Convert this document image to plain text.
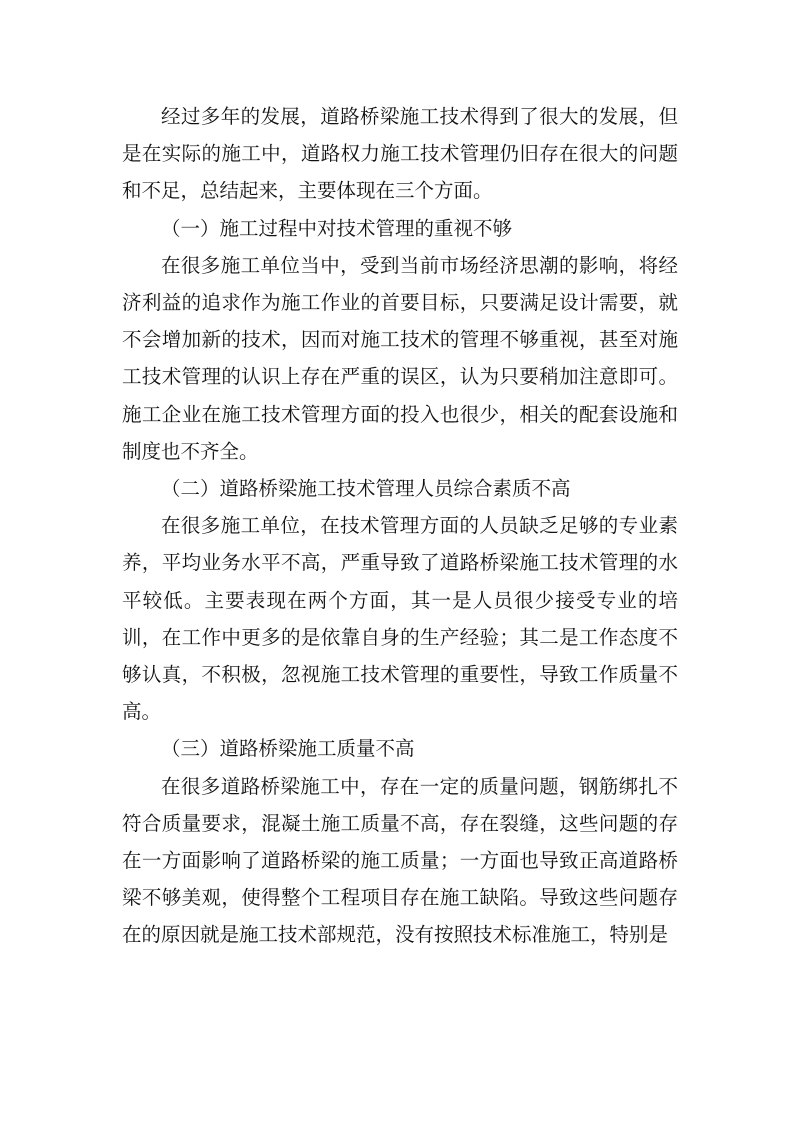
经过多年的发展，道路桥梁施工技术得到了很大的发展，但是在实际的施工中，道路权力施工技术管理仍旧存在很大的问题和不足，总结起来，主要体现在三个方面。

（一）施工过程中对技术管理的重视不够

在很多施工单位当中，受到当前市场经济思潮的影响，将经济利益的追求作为施工作业的首要目标，只要满足设计需要，就不会增加新的技术，因而对施工技术的管理不够重视，甚至对施工技术管理的认识上存在严重的误区，认为只要稍加注意即可。施工企业在施工技术管理方面的投入也很少，相关的配套设施和制度也不齐全。

（二）道路桥梁施工技术管理人员综合素质不高

在很多施工单位，在技术管理方面的人员缺乏足够的专业素养，平均业务水平不高，严重导致了道路桥梁施工技术管理的水平较低。主要表现在两个方面，其一是人员很少接受专业的培训，在工作中更多的是依靠自身的生产经验；其二是工作态度不够认真，不积极，忽视施工技术管理的重要性，导致工作质量不高。

（三）道路桥梁施工质量不高

在很多道路桥梁施工中，存在一定的质量问题，钢筋绑扎不符合质量要求，混凝土施工质量不高，存在裂缝，这些问题的存在一方面影响了道路桥梁的施工质量；一方面也导致正高道路桥梁不够美观，使得整个工程项目存在施工缺陷。导致这些问题存在的原因就是施工技术部规范，没有按照技术标准施工，特别是
